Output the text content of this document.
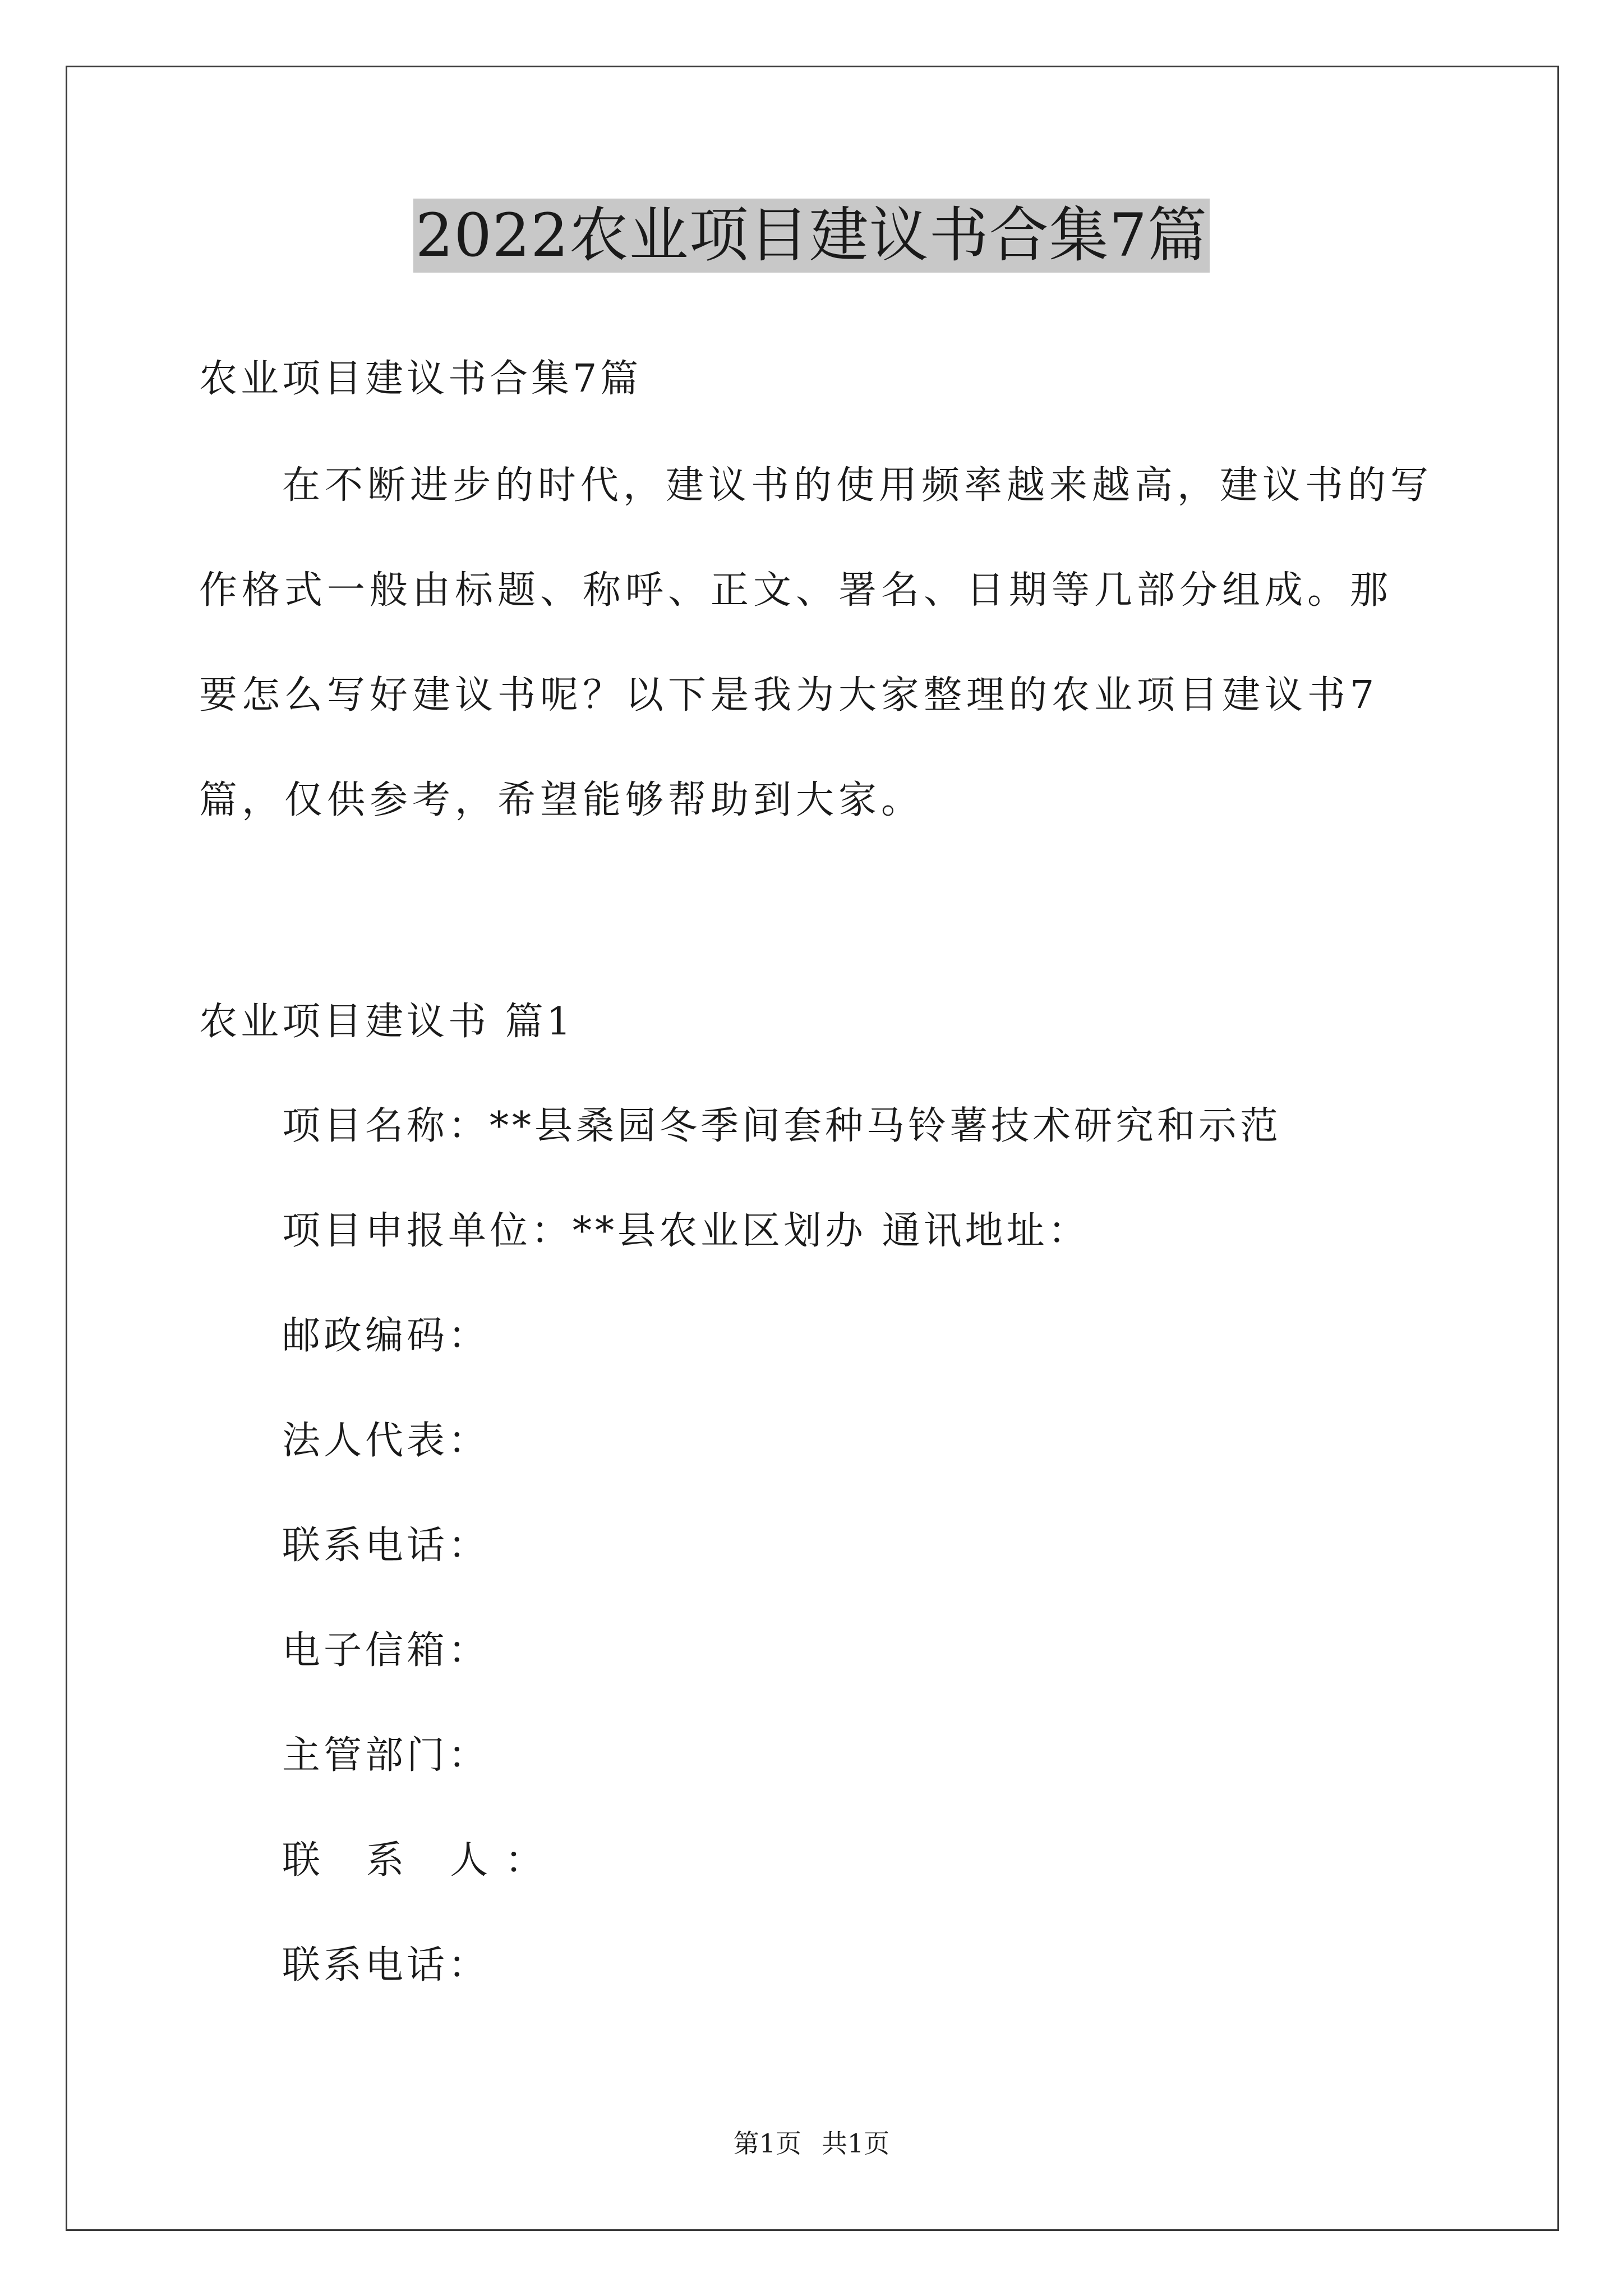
2022农业项目建议书合集7篇
农业项目建议书合集7篇
在不断进步的时代，建议书的使用频率越来越高，建议书的写作格式一般由标题、称呼、正文、署名、日期等几部分组成。那要怎么写好建议书呢？以下是我为大家整理的农业项目建议书7篇，仅供参考，希望能够帮助到大家。
农业项目建议书 篇1
项目名称：**县桑园冬季间套种马铃薯技术研究和示范
项目申报单位：**县农业区划办 通讯地址：
邮政编码：
法人代表：
联系电话：
电子信箱：
主管部门：
联 系 人：
联系电话：
第1页 共1页
